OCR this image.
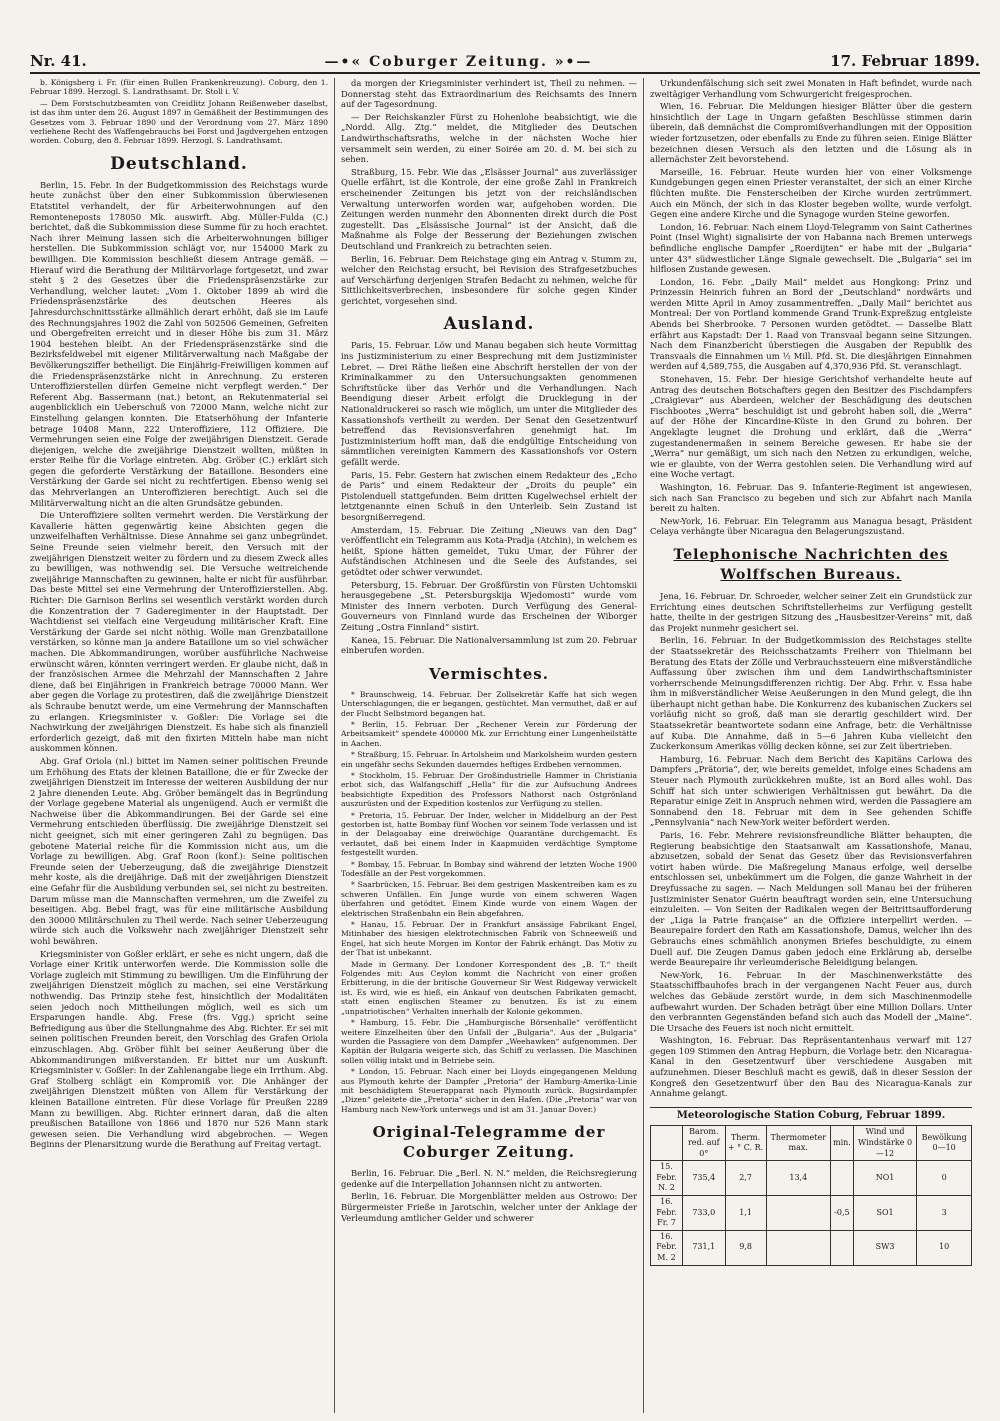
Nr. 41.	—•« Coburger Zeitung. »•—	17. Februar 1899.

b. Königsberg i. Fr. (für einen Bullen Frankenkreuzung). Coburg, den 1. Februar 1899. Herzogl. S. Landrathsamt. Dr. Stoll i. V.

— Dem Forstschutzbeamten von Creidlitz Johann Reißenweber daselbst, ist das ihm unter dem 26. August 1897 in Gemäßheit der Bestimmungen des Gesetzes vom 3. Februar 1890 und der Verordnung vom 27. März 1890 verliehene Recht des Waffengebrauchs bei Forst und Jagdvergehen entzogen worden. Coburg, den 8. Februar 1899. Herzogl. S. Landrathsamt.

Deutschland.

Berlin, 15. Febr. In der Budgetkommission des Reichstags wurde heute zunächst über den einer Subkommission überwiesenen Etatstitel verhandelt, der für Arbeiterwohnungen auf den Remonteneposts 178050 Mk. auswirft. Abg. Müller-Fulda (C.) berichtet, daß die Subkommission diese Summe für zu hoch erachtet. Nach ihrer Meinung lassen sich die Arbeiterwohnungen billiger herstellen. Die Subkommission schlägt vor, nur 154000 Mark zu bewilligen. Die Kommission beschließt diesem Antrage gemäß. — Hierauf wird die Berathung der Militärvorlage fortgesetzt, und zwar steht § 2 des Gesetzes über die Friedenspräsenzstärke zur Verhandlung, welcher lautet: „Vom 1. Oktober 1899 ab wird die Friedenspräsenzstärke des deutschen Heeres als Jahresdurchschnittsstärke allmählich derart erhöht, daß sie im Laufe des Rechnungsjahres 1902 die Zahl von 502506 Gemeinen, Gefreiten und Obergefreiten erreicht und in dieser Höhe bis zum 31. März 1904 bestehen bleibt. An der Friedenspräsenzstärke sind die Bezirksfeldwebel mit eigener Militärverwaltung nach Maßgabe der Bevölkerungsziffer betheiligt. Die Einjährig-Freiwilligen kommen auf die Friedenspräsenzstärke nicht in Anrechnung. Zu ersteren Unteroffizierstellen dürfen Gemeine nicht verpflegt werden.“ Der Referent Abg. Bassermann (nat.) betont, an Rekutenmaterial sei augenblicklich ein Ueberschuß von 72000 Mann, welche nicht zur Einstellung gelangen konnten. Die Etatserhöhung der Infanterie betrage 10408 Mann, 222 Unteroffiziere, 112 Offiziere. Die Vermehrungen seien eine Folge der zweijährigen Dienstzeit. Gerade diejenigen, welche die zweijährige Dienstzeit wollten, müßten in erster Reihe für die Vorlage eintreten. Abg. Gröber (C.) erklärt sich gegen die geforderte Verstärkung der Bataillone. Besonders eine Verstärkung der Garde sei nicht zu rechtfertigen. Ebenso wenig sei das Mehrverlangen an Unteroffizieren berechtigt. Auch sei die Militärverwaltung nicht an die alten Grundsätze gebunden.

Die Unteroffiziere sollten vermehrt werden. Die Verstärkung der Kavallerie hätten gegenwärtig keine Absichten gegen die unzweifelhaften Verhältnisse. Diese Annahme sei ganz unbegründet. Seine Freunde seien vielmehr bereit, den Versuch mit der zweijährigen Dienstzeit weiter zu fördern und zu diesem Zweck alles zu bewilligen, was nothwendig sei. Die Versuche weitreichende zweijährige Mannschaften zu gewinnen, halte er nicht für ausführbar. Das beste Mittel sei eine Vermehrung der Unteroffizierstellen. Abg. Richter: Die Garnison Berlins sei wesentlich verstärkt worden durch die Konzentration der 7 Gaderegimenter in der Hauptstadt. Der Wachtdienst sei vielfach eine Vergeudung militärischer Kraft. Eine Verstärkung der Garde sei nicht nöthig. Wolle man Grenzbataillone verstärken, so könne man ja andere Bataillone um so viel schwächer machen. Die Abkommandirungen, worüber ausführliche Nachweise erwünscht wären, könnten verringert werden. Er glaube nicht, daß in der französischen Armee die Mehrzahl der Mannschaften 2 Jahre diene, daß bei Einjährigen in Frankreich betrage 70000 Mann. Wer aber gegen die Vorlage zu protestiren, daß die zweijährige Dienstzeit als Schraube benutzt werde, um eine Vermehrung der Mannschaften zu erlangen. Kriegsminister v. Goßler: Die Vorlage sei die Nachwirkung der zweijährigen Dienstzeit. Es habe sich als finanziell erforderlich gezeigt, daß mit den fixirten Mitteln habe man nicht auskommen können.

Abg. Graf Oriola (nl.) bittet im Namen seiner politischen Freunde um Erhöhung des Etats der kleinen Bataillone, die er für Zwecke der zweijährigen Dienstzeit im Interesse der weiteren Ausbildung der nur 2 Jahre dienenden Leute. Abg. Gröber bemängelt das in Begründung der Vorlage gegebene Material als ungenügend. Auch er vermißt die Nachweise über die Abkommandirungen. Bei der Garde sei eine Vermehrung entschieden überflüssig. Die zweijährige Dienstzeit sei nicht geeignet, sich mit einer geringeren Zahl zu begnügen. Das gebotene Material reiche für die Kommission nicht aus, um die Vorlage zu bewilligen. Abg. Graf Roon (konf.): Seine politischen Freunde seien der Ueberzeugung, daß die zweijährige Dienstzeit mehr koste, als die dreijährige. Daß mit der zweijährigen Dienstzeit eine Gefahr für die Ausbildung verbunden sei, sei nicht zu bestreiten. Darum müsse man die Mannschaften vermehren, um die Zweifel zu beseitigen. Abg. Bebel fragt, was für eine militärische Ausbildung den 30000 Militärschulen zu Theil werde. Nach seiner Ueberzeugung würde sich auch die Volkswehr nach zweijähriger Dienstzeit sehr wohl bewähren.

Kriegsminister von Goßler erklärt, er sehe es nicht ungern, daß die Vorlage einer Kritik unterworfen werde. Die Kommission solle die Vorlage zugleich mit Stimmung zu bewilligen. Um die Einführung der zweijährigen Dienstzeit möglich zu machen, sei eine Verstärkung nothwendig. Das Prinzip stehe fest, hinsichtlich der Modalitäten seien jedoch noch Mittheilungen möglich, weil es sich um Ersparungen handle. Abg. Frese (frs. Vgg.) spricht seine Befriedigung aus über die Stellungnahme des Abg. Richter. Er sei mit seinen politischen Freunden bereit, den Vorschlag des Grafen Oriola einzuschlagen. Abg. Gröber fühlt bei seiner Aeußerung über die Abkommandirungen mißverstanden. Er bittet nur um Auskunft. Kriegsminister v. Goßler: In der Zahlenangabe liege ein Irrthum. Abg. Graf Stolberg schlägt ein Kompromiß vor. Die Anhänger der zweijährigen Dienstzeit müßten von Allem für Verstärkung der kleinen Bataillone eintreten. Für diese Vorlage für Preußen 2289 Mann zu bewilligen. Abg. Richter erinnert daran, daß die alten preußischen Bataillone von 1866 und 1870 nur 526 Mann stark gewesen seien. Die Verhandlung wird abgebrochen. — Wegen Beginns der Plenarsitzung wurde die Berathung auf Freitag vertagt.

da morgen der Kriegsminister verhindert ist, Theil zu nehmen. — Donnerstag steht das Extraordinarium des Reichsamts des Innern auf der Tagesordnung.

— Der Reichskanzler Fürst zu Hohenlohe beabsichtigt, wie die „Nordd. Allg. Ztg.“ meldet, die Mitglieder des Deutschen Landwirthschaftsraths, welche in der nächsten Woche hier versammelt sein werden, zu einer Soirée am 20. d. M. bei sich zu sehen.

Straßburg, 15. Febr. Wie das „Elsässer Journal“ aus zuverlässiger Quelle erfährt, ist die Kontrole, der eine große Zahl in Frankreich erscheinender Zeitungen bis jetzt von der reichsländischen Verwaltung unterworfen worden war, aufgehoben worden. Die Zeitungen werden nunmehr den Abonnenten direkt durch die Post zugestellt. Das „Elsässische Journal“ ist der Ansicht, daß die Maßnahme als Folge der Besserung der Beziehungen zwischen Deutschland und Frankreich zu betrachten seien.

Berlin, 16. Februar. Dem Reichstage ging ein Antrag v. Stumm zu, welcher den Reichstag ersucht, bei Revision des Strafgesetzbuches auf Verschärfung derjenigen Strafen Bedacht zu nehmen, welche für Sittlichkeitsverbrechen, insbesondere für solche gegen Kinder gerichtet, vorgesehen sind.

Ausland.

Paris, 15. Februar. Löw und Manau begaben sich heute Vormittag ins Justizministerium zu einer Besprechung mit dem Justizminister Lebret. — Drei Räthe ließen eine Abschrift herstellen der von der Kriminalkammer zu den Untersuchungsakten genommenen Schriftstücke über das Verhör und die Verhandlungen. Nach Beendigung dieser Arbeit erfolgt die Drucklegung in der Nationaldruckerei so rasch wie möglich, um unter die Mitglieder des Kassationshofs vertheilt zu werden. Der Senat den Gesetzentwurf betreffend das Revisionsverfahren genehmigt hat. Im Justizministerium hofft man, daß die endgültige Entscheidung von sämmtlichen vereinigten Kammern des Kassationshofs vor Ostern gefällt werde.

Paris, 15. Febr. Gestern hat zwischen einem Redakteur des „Echo de Paris“ und einem Redakteur der „Droits du peuple“ ein Pistolenduell stattgefunden. Beim dritten Kugelwechsel erhielt der letztgenannte einen Schuß in den Unterleib. Sein Zustand ist besorgnißerregend.

Amsterdam, 15. Februar. Die Zeitung „Nieuws van den Dag“ veröffentlicht ein Telegramm aus Kota-Pradja (Atchin), in welchem es heißt, Spione hätten gemeldet, Tuku Umar, der Führer der Aufständischen Atchinesen und die Seele des Aufstandes, sei getödtet oder schwer verwundet.

Petersburg, 15. Februar. Der Großfürstin von Fürsten Uchtomskii herausgegebene „St. Petersburgskija Wjedomosti“ wurde vom Minister des Innern verboten. Durch Verfügung des General-Gouverneurs von Finnland wurde das Erscheinen der Wiborger Zeitung „Ostra Finnland“ sistirt.

Kanea, 15. Februar. Die Nationalversammlung ist zum 20. Februar einberufen worden.

Vermischtes.

* Braunschweig, 14. Februar. Der Zollsekretär Kaffe hat sich wegen Unterschlagungen, die er begangen, gestüchtet. Man vermuthet, daß er auf der Flucht Selbstmord begangen hat.

* Berlin, 15. Februar. Der „Rechener Verein zur Förderung der Arbeitsamkeit“ spendete 400000 Mk. zur Errichtung einer Lungenheilstätte in Aachen.

* Straßburg, 15. Februar. In Artolsheim und Markolsheim wurden gestern ein ungefähr sechs Sekunden dauerndes heftiges Erdbeben vernommen.

* Stockholm, 15. Februar. Der Großindustrielle Hammer in Christiania erbot sich, das Walfangschiff „Hella“ für die zur Aufsuchung Andrees beabsichtigte Expedition des Professors Nathorst nach Ostgrönland auszurüsten und der Expedition kostenlos zur Verfügung zu stellen.

* Pretoria, 15. Februar. Der Inder, welcher in Middelburg an der Pest gestorben ist, hatte Bombay fünf Wochen vor seinem Tode verlassen und ist in der Delagoabay eine dreiwöchige Quarantäne durchgemacht. Es verlautet, daß bei einem Inder in Kaapmuiden verdächtige Symptome festgestellt wurden.

* Bombay, 15. Februar. In Bombay sind während der letzten Woche 1900 Todesfälle an der Pest vorgekommen.

* Saarbrücken, 15. Februar. Bei dem gestrigen Maskentreiben kam es zu schweren Unfällen. Ein Junge wurde von einem schweren Wagen überfahren und getödtet. Einem Kinde wurde von einem Wagen der elektrischen Straßenbahn ein Bein abgefahren.

* Hanau, 15. Februar. Der in Frankfurt ansässige Fabrikant Engel, Mitinhaber des hiesigen elektrotechnischen Fabrik von Schneeweiß und Engel, hat sich heute Morgen im Kontor der Fabrik erhängt. Das Motiv zu der That ist unbekannt.

Made in Germany. Der Londoner Korrespondent des „B. T.“ theilt Folgendes mit: Aus Ceylon kommt die Nachricht von einer großen Erbitterung, in die der britische Gouverneur Sir West Ridgeway verwickelt ist. Es wird, wie es hieß, ein Ankauf von deutschen Fabrikaten gemacht, statt einen englischen Steamer zu benutzen. Es ist zu einem „unpatriotischen“ Verhalten innerhalb der Kolonie gekommen.

* Hamburg, 15. Febr. Die „Hamburgische Börsenhalle“ veröffentlicht weitere Einzelheiten über den Unfall der „Bulgaria“. Aus der „Bulgaria“ wurden die Passagiere von dem Dampfer „Weehawken“ aufgenommen. Der Kapitän der Bulgaria weigerte sich, das Schiff zu verlassen. Die Maschinen sollen völlig intakt und in Betriebe sein.

* London, 15. Februar. Nach einer bei Lloyds eingegangenen Meldung aus Plymouth kehrte der Dampfer „Pretoria“ der Hamburg-Amerika-Linie mit beschädigtem Steuerapparat nach Plymouth zurück. Bugsirdampfer „Dizen“ geleitete die „Pretoria“ sicher in den Hafen. (Die „Pretoria“ war von Hamburg nach New-York unterwegs und ist am 31. Januar Dover.)

Original-Telegramme der Coburger Zeitung.

Berlin, 16. Februar. Die „Berl. N. N.“ melden, die Reichsregierung gedenke auf die Interpellation Johannsen nicht zu antworten.

Berlin, 16. Februar. Die Morgenblätter melden aus Ostrowo: Der Bürgermeister Frieße in Jarotschin, welcher unter der Anklage der Verleumdung amtlicher Gelder und schwerer

Urkundenfälschung sich seit zwei Monaten in Haft befindet, wurde nach zweitägiger Verhandlung vom Schwurgericht freigesprochen.

Wien, 16. Februar. Die Meldungen hiesiger Blätter über die gestern hinsichtlich der Lage in Ungarn gefaßten Beschlüsse stimmen darin überein, daß demnächst die Compromißverhandlungen mit der Opposition wieder fortzusetzen, oder ebenfalls zu Ende zu führen seien. Einige Blätter bezeichnen diesen Versuch als den letzten und die Lösung als in allernächster Zeit bevorstehend.

Marseille, 16. Februar. Heute wurden hier von einer Volksmenge Kundgebungen gegen einen Priester veranstaltet, der sich an einer Kirche flüchten mußte. Die Fensterscheiben der Kirche wurden zertrümmert. Auch ein Mönch, der sich in das Kloster begeben wollte, wurde verfolgt. Gegen eine andere Kirche und die Synagoge wurden Steine geworfen.

London, 16. Februar. Nach einem Lloyd-Telegramm von Saint Catherines Point (Insel Wight) signalisirte der von Habanna nach Bremen unterwegs befindliche englische Dampfer „Roerdijten“ er habe mit der „Bulgaria“ unter 43° südwestlicher Länge Signale gewechselt. Die „Bulgaria“ sei im hilflosen Zustande gewesen.

London, 16. Febr. „Daily Mail“ meldet aus Hongkong: Prinz und Prinzessin Heinrich fuhren an Bord der „Deutschland“ nordwärts und werden Mitte April in Amoy zusammentreffen. „Daily Mail“ berichtet aus Montreal: Der von Portland kommende Grand Trunk-Expreßzug entgleiste Abends bei Sherbrooke. 7 Personen wurden getödtet. — Dasselbe Blatt erfährt aus Kapstadt: Der 1. Raad von Transvaal begann seine Sitzungen. Nach dem Finanzbericht überstiegen die Ausgaben der Republik des Transvaals die Einnahmen um ½ Mill. Pfd. St. Die diesjährigen Einnahmen werden auf 4,589,755, die Ausgaben auf 4,370,936 Pfd. St. veranschlagt.

Stonehaven, 15. Febr. Der hiesige Gerichtshof verhandelte heute auf Antrag des deutschen Botschafters gegen den Besitzer des Fischdampfers „Craigievar“ aus Aberdeen, welcher der Beschädigung des deutschen Fischbootes „Werra“ beschuldigt ist und gebroht haben soll, die „Werra“ auf der Höhe der Kincardine-Küste in den Grund zu bohren. Der Angeklagte leugnet die Drohung und erklärt, daß die „Werra“ zugestandenermaßen in seinem Bereiche gewesen. Er habe sie der „Werra“ nur gemäßigt, um sich nach den Netzen zu erkundigen, welche, wie er glaubte, von der Werra gestohlen seien. Die Verhandlung wird auf eine Woche vertagt.

Washington, 16. Februar. Das 9. Infanterie-Regiment ist angewiesen, sich nach San Francisco zu begeben und sich zur Abfahrt nach Manila bereit zu halten.

New-York, 16. Februar. Ein Telegramm aus Managua besagt, Präsident Celaya verhängte über Nicaragua den Belagerungszustand.

Telephonische Nachrichten des Wolffschen Bureaus.

Jena, 16. Februar. Dr. Schroeder, welcher seiner Zeit ein Grundstück zur Errichtung eines deutschen Schriftstellerheims zur Verfügung gestellt hatte, theilte in der gestrigen Sitzung des „Hausbesitzer-Vereins“ mit, daß das Projekt nunmehr gesichert sei.

Berlin, 16. Februar. In der Budgetkommission des Reichstages stellte der Staatssekretär des Reichsschatzamts Freiherr von Thielmann bei Beratung des Etats der Zölle und Verbrauchssteuern eine mißverständliche Auffassung über zwischen ihm und dem Landwirthschaftsminister vorherrschende Meinungsdifferenzen richtig. Der Abg. Frhr. v. Essa habe ihm in mißverständlicher Weise Aeußerungen in den Mund gelegt, die ihn überhaupt nicht gethan habe. Die Konkurrenz des kubanischen Zuckers sei vorläufig nicht so groß, daß man sie derartig geschildert wird. Der Staatssekretär beantwortete sodann eine Anfrage, betr. die Verhältnisse auf Kuba. Die Annahme, daß in 5—6 Jahren Kuba vielleicht den Zuckerkonsum Amerikas völlig decken könne, sei zur Zeit übertrieben.

Hamburg, 16. Februar. Nach dem Bericht des Kapitäns Carlowa des Dampfers „Prätoria“, der, wie bereits gemeldet, infolge eines Schadens am Steuer nach Plymouth zurückkehren mußte, ist an Bord alles wohl. Das Schiff hat sich unter schwierigen Verhältnissen gut bewährt. Da die Reparatur einige Zeit in Anspruch nehmen wird, werden die Passagiere am Sonnabend den 18. Februar mit dem in See gehenden Schiffe „Pennsylvania“ nach New-York weiter befördert werden.

Paris, 16. Febr. Mehrere revisionsfreundliche Blätter behaupten, die Regierung beabsichtige den Staatsanwalt am Kassationshofe, Manau, abzusetzen, sobald der Senat das Gesetz über das Revisionsverfahren votirt haben würde. Die Maßregelung Manaus erfolge, weil derselbe entschlossen sei, unbekümmert um die Folgen, die ganze Wahrheit in der Dreyfussache zu sagen. — Nach Meldungen soll Manau bei der früheren Justizminister Senator Guérin beauftragt worden sein, eine Untersuchung einzuleiten. — Von Seiten der Radikalen wegen der Beitrittsaufforderung der „Liga la Patrie française“ an die Offiziere interpellirt werden. — Beaurepaire fordert den Rath am Kassationshofe, Damus, welcher ihn des Gebrauchs eines schmählich anonymen Briefes beschuldigte, zu einem Duell auf. Die Zeugen Damus gaben jedoch eine Erklärung ab, derselbe werde Beaurepaire ihr verleumderische Beleidigung belangen.

New-York, 16. Februar. In der Maschinenwerkstätte des Staatsschiffbauhofes brach in der vergangenen Nacht Feuer aus, durch welches das Gebäude zerstört wurde, in dem sich Maschinenmodelle aufbewahrt wurden. Der Schaden beträgt über eine Million Dollars. Unter den verbrannten Gegenständen befand sich auch das Modell der „Maine“. Die Ursache des Feuers ist noch nicht ermittelt.

Washington, 16. Februar. Das Repräsentantenhaus verwarf mit 127 gegen 109 Stimmen den Antrag Hepburn, die Vorlage betr. den Nicaragua-Kanal in den Gesetzentwurf über verschiedene Ausgaben mit aufzunehmen. Dieser Beschluß macht es gewiß, daß in dieser Session der Kongreß den Gesetzentwurf über den Bau des Nicaragua-Kanals zur Annahme gelangt.

Meteorologische Station Coburg, Februar 1899.
	Barom. red. auf 0°	Therm. + ° C. R.	Thermometer max.	min.	Wind und Windstärke 0—12	Bewölkung 0—10
15. Febr. N. 2	735,4	2,7	13,4		NO1	0
16. Febr. Fr. 7	733,0	1,1		-0,5	SO1	3
16. Febr. M. 2	731,1	9,8			SW3	10
